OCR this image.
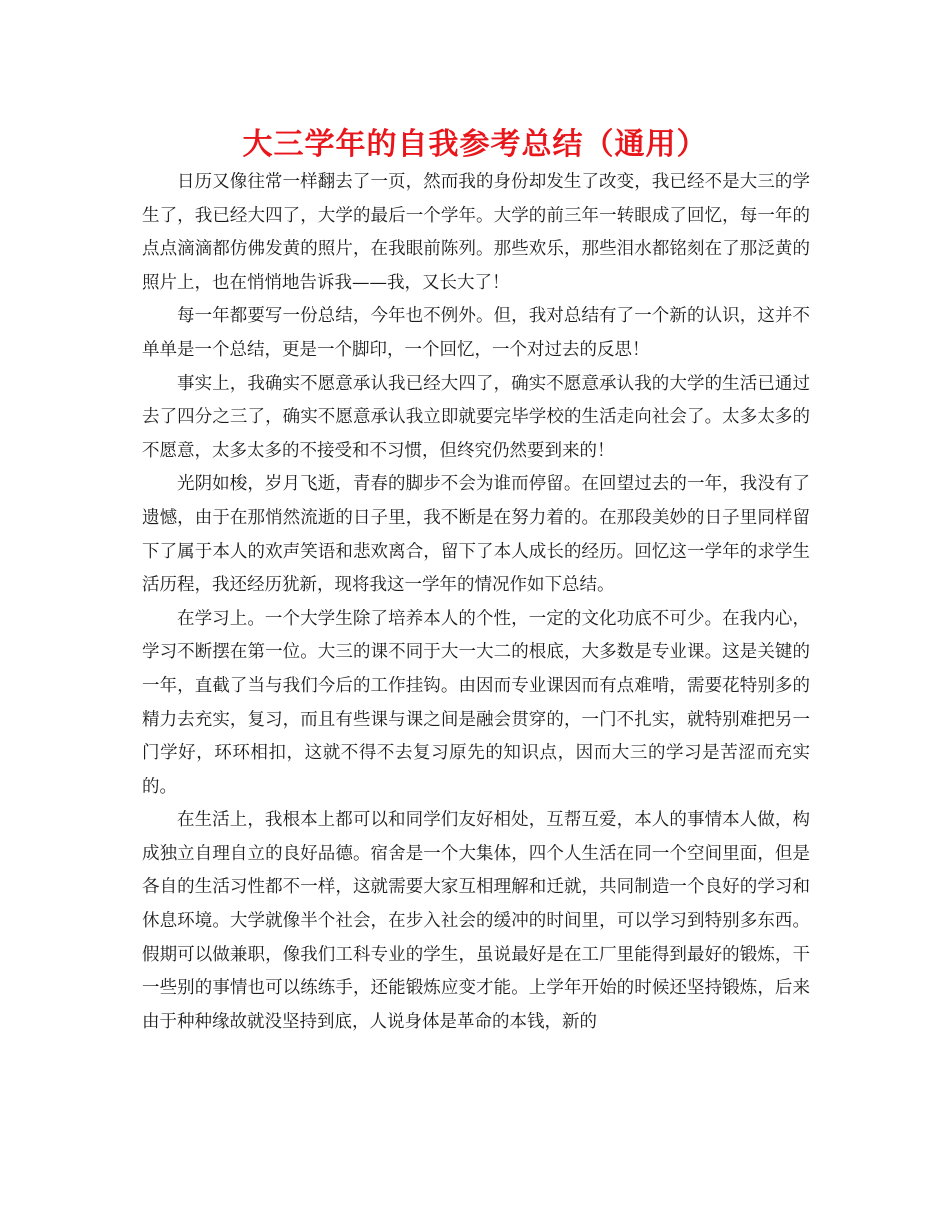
大三学年的自我参考总结（通用）

日历又像往常一样翻去了一页，然而我的身份却发生了改变，我已经不是大三的学生了，我已经大四了，大学的最后一个学年。大学的前三年一转眼成了回忆，每一年的点点滴滴都仿佛发黄的照片，在我眼前陈列。那些欢乐，那些泪水都铭刻在了那泛黄的照片上，也在悄悄地告诉我——我，又长大了！

每一年都要写一份总结，今年也不例外。但，我对总结有了一个新的认识，这并不单单是一个总结，更是一个脚印，一个回忆，一个对过去的反思！

事实上，我确实不愿意承认我已经大四了，确实不愿意承认我的大学的生活已通过去了四分之三了，确实不愿意承认我立即就要完毕学校的生活走向社会了。太多太多的不愿意，太多太多的不接受和不习惯，但终究仍然要到来的！

光阴如梭，岁月飞逝，青春的脚步不会为谁而停留。在回望过去的一年，我没有了遗憾，由于在那悄然流逝的日子里，我不断是在努力着的。在那段美妙的日子里同样留下了属于本人的欢声笑语和悲欢离合，留下了本人成长的经历。回忆这一学年的求学生活历程，我还经历犹新，现将我这一学年的情况作如下总结。

在学习上。一个大学生除了培养本人的个性，一定的文化功底不可少。在我内心，学习不断摆在第一位。大三的课不同于大一大二的根底，大多数是专业课。这是关键的一年，直截了当与我们今后的工作挂钩。由因而专业课因而有点难啃，需要花特别多的精力去充实，复习，而且有些课与课之间是融会贯穿的，一门不扎实，就特别难把另一门学好，环环相扣，这就不得不去复习原先的知识点，因而大三的学习是苦涩而充实的。

在生活上，我根本上都可以和同学们友好相处，互帮互爱，本人的事情本人做，构成独立自理自立的良好品德。宿舍是一个大集体，四个人生活在同一个空间里面，但是各自的生活习性都不一样，这就需要大家互相理解和迁就，共同制造一个良好的学习和休息环境。大学就像半个社会，在步入社会的缓冲的时间里，可以学习到特别多东西。假期可以做兼职，像我们工科专业的学生，虽说最好是在工厂里能得到最好的锻炼，干一些别的事情也可以练练手，还能锻炼应变才能。上学年开始的时候还坚持锻炼，后来由于种种缘故就没坚持到底，人说身体是革命的本钱，新的
